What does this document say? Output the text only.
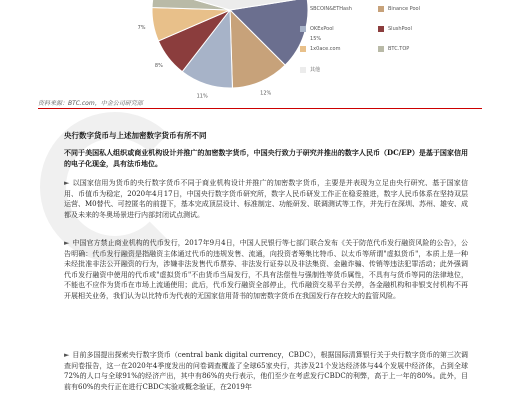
15%
12%
11%
8%
7%
SBCOIN&ETHash	Binance Pool
OKExPool	SlushPool
1x0ace.com	BTC.TOP
其他
资料来源：BTC.com，中金公司研究部
央行数字货币与上述加密数字货币有所不同
不同于美国私人组织或商业机构设计并推广的加密数字货币，中国央行致力于研究并推出的数字人民币（DC/EP）是基于国家信用的电子化现金，具有法币地位。
► 以国家信用为货币的央行数字货币不同于商业机构设计并推广的加密数字货币，主要是并表现为立足由央行研究、基于国家信用、币值币为稳定，2020年4月17日，中国央行数字货币研究所，数字人民币研发工作正在稳妥推进，数字人民币体系在坚持双层运营、M0替代、可控匿名的前提下，基本完成顶层设计、标准制定、功能研发、联调测试等工作，并先行在深圳、苏州、雄安、成都及未来的冬奥场景进行内部封闭试点测试。
► 中国官方禁止商业机构的代币发行，2017年9月4日，中国人民银行等七部门联合发布《关于防范代币发行融资风险的公告》，公告明确：代币发行融资是指融资主体通过代币的违规发售、流通，向投资者筹集比特币、以太币等所谓"虚拟货币"，本质上是一种未经批准非法公开融资的行为，涉嫌非法发售代币票券、非法发行证券以及非法集资、金融诈骗、传销等违法犯罪活动；此外强调代币发行融资中使用的代币或"虚拟货币"不由货币当局发行，不具有法偿性与强制性等货币属性，不具有与货币等同的法律地位，不能也不应作为货币在市场上流通使用；此后，代币发行融资全部停止，代币融资交易平台关停，各金融机构和非银支付机构不再开展相关业务，我们认为以比特币为代表的无国家信用背书的加密数字货币在我国发行存在较大的监管风险。
► 目前多国提出探索央行数字货币（central bank digital currency，CBDC），根据国际清算银行关于央行数字货币的第三次调查问卷报告，这一在2020年4季度发出的问卷调查覆盖了全球65家央行，共涉及21个发达经济体与44个发展中经济体，占到全球72%的人口与全球91%的经济产出，其中有86%的央行表示，他们至少在考虑发行CBDC的利弊，高于上一年的80%。此外，目前有60%的央行正在进行CBDC实验或概念验证，在2019年
